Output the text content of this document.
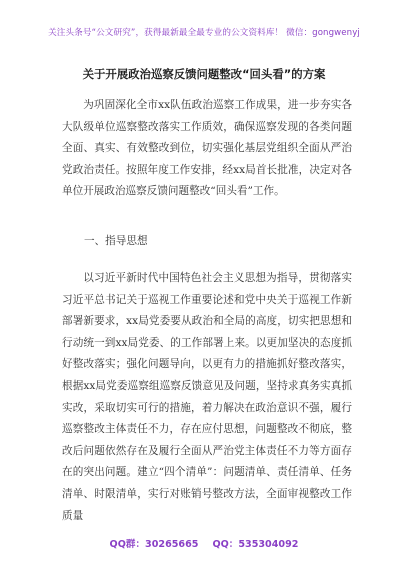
关注头条号“公文研究”，获得最新最全最专业的公文资料库！ 微信：gongwenyj
关于开展政治巡察反馈问题整改“回头看”的方案

为巩固深化全市xx队伍政治巡察工作成果，进一步夯实各大队级单位巡察整改落实工作质效，确保巡察发现的各类问题全面、真实、有效整改到位，切实强化基层党组织全面从严治党政治责任。按照年度工作安排，经xx局首长批准，决定对各单位开展政治巡察反馈问题整改“回头看”工作。

一、指导思想

以习近平新时代中国特色社会主义思想为指导，贯彻落实习近平总书记关于巡视工作重要论述和党中央关于巡视工作新部署新要求，xx局党委要从政治和全局的高度，切实把思想和行动统一到xx局党委、的工作部署上来。以更加坚决的态度抓好整改落实；强化问题导向，以更有力的措施抓好整改落实，根据xx局党委巡察组巡察反馈意见及问题，坚持求真务实真抓实改，采取切实可行的措施，着力解决在政治意识不强，履行巡察整改主体责任不力，存在应付思想，问题整改不彻底，整改后问题依然存在及履行全面从严治党主体责任不力等方面存在的突出问题。建立“四个清单”：问题清单、责任清单、任务清单、时限清单，实行对账销号整改方法，全面审视整改工作质量

QQ群：30265665 QQ：535304092
